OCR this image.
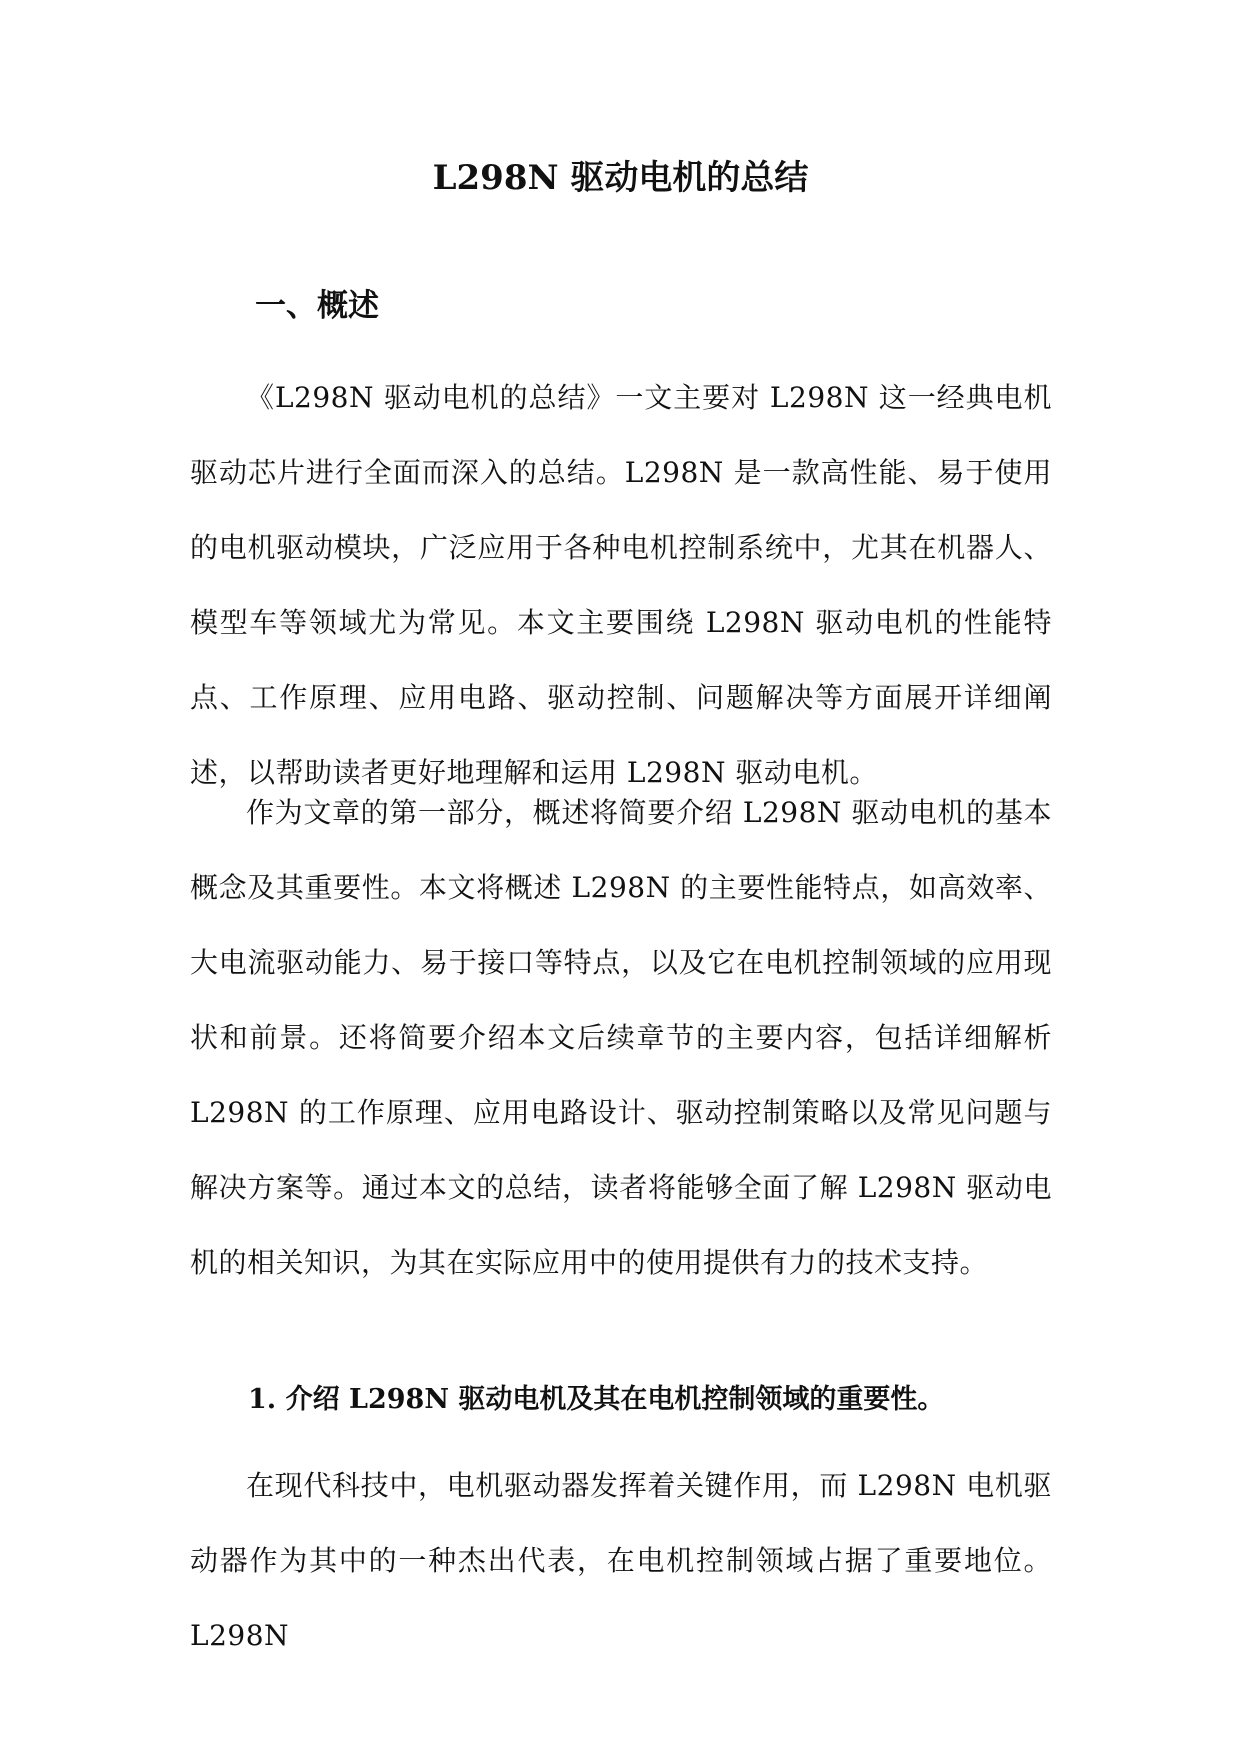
L298N 驱动电机的总结
一、概述

《L298N 驱动电机的总结》一文主要对 L298N 这一经典电机驱动芯片进行全面而深入的总结。L298N 是一款高性能、易于使用的电机驱动模块，广泛应用于各种电机控制系统中，尤其在机器人、模型车等领域尤为常见。本文主要围绕 L298N 驱动电机的性能特点、工作原理、应用电路、驱动控制、问题解决等方面展开详细阐述，以帮助读者更好地理解和运用 L298N 驱动电机。

作为文章的第一部分，概述将简要介绍 L298N 驱动电机的基本概念及其重要性。本文将概述 L298N 的主要性能特点，如高效率、大电流驱动能力、易于接口等特点，以及它在电机控制领域的应用现状和前景。还将简要介绍本文后续章节的主要内容，包括详细解析 L298N 的工作原理、应用电路设计、驱动控制策略以及常见问题与解决方案等。通过本文的总结，读者将能够全面了解 L298N 驱动电机的相关知识，为其在实际应用中的使用提供有力的技术支持。

1. 介绍 L298N 驱动电机及其在电机控制领域的重要性。

在现代科技中，电机驱动器发挥着关键作用，而 L298N 电机驱动器作为其中的一种杰出代表，在电机控制领域占据了重要地位。L298N
